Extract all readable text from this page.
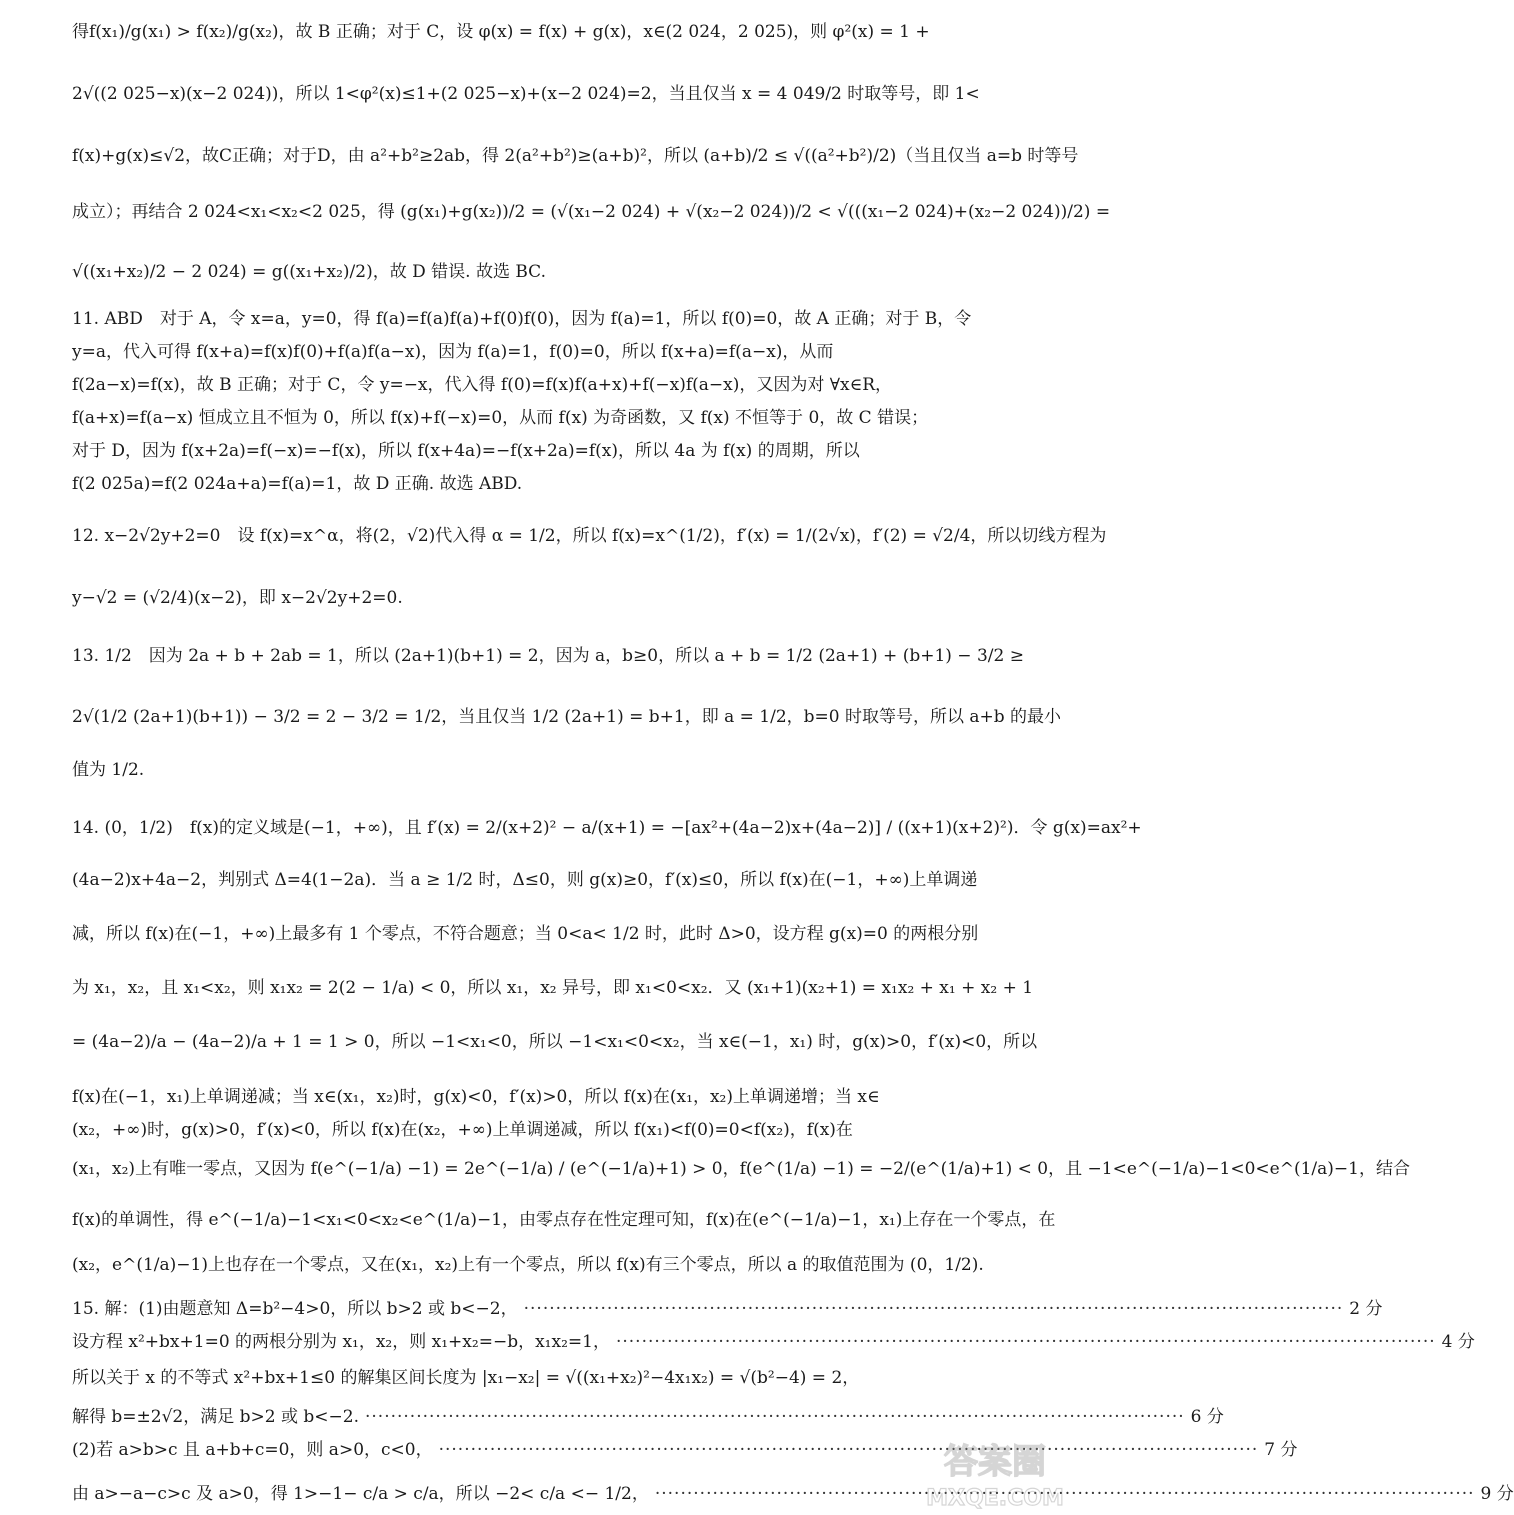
得f(x₁)/g(x₁) > f(x₂)/g(x₂)，故 B 正确；对于 C，设 φ(x) = f(x) + g(x)，x∈(2 024，2 025)，则 φ²(x) = 1 +
2√((2 025−x)(x−2 024))，所以 1<φ²(x)≤1+(2 025−x)+(x−2 024)=2，当且仅当 x = 4 049/2 时取等号，即 1<
f(x)+g(x)≤√2，故C正确；对于D，由 a²+b²≥2ab，得 2(a²+b²)≥(a+b)²，所以 (a+b)/2 ≤ √((a²+b²)/2)（当且仅当 a=b 时等号
成立）；再结合 2 024<x₁<x₂<2 025，得 (g(x₁)+g(x₂))/2 = (√(x₁−2 024) + √(x₂−2 024))/2 < √(((x₁−2 024)+(x₂−2 024))/2) =
√((x₁+x₂)/2 − 2 024) = g((x₁+x₂)/2)，故 D 错误. 故选 BC.
11. ABD　对于 A，令 x=a，y=0，得 f(a)=f(a)f(a)+f(0)f(0)，因为 f(a)=1，所以 f(0)=0，故 A 正确；对于 B，令
y=a，代入可得 f(x+a)=f(x)f(0)+f(a)f(a−x)，因为 f(a)=1，f(0)=0，所以 f(x+a)=f(a−x)，从而
f(2a−x)=f(x)，故 B 正确；对于 C，令 y=−x，代入得 f(0)=f(x)f(a+x)+f(−x)f(a−x)，又因为对 ∀x∈R，
f(a+x)=f(a−x) 恒成立且不恒为 0，所以 f(x)+f(−x)=0，从而 f(x) 为奇函数，又 f(x) 不恒等于 0，故 C 错误；
对于 D，因为 f(x+2a)=f(−x)=−f(x)，所以 f(x+4a)=−f(x+2a)=f(x)，所以 4a 为 f(x) 的周期，所以
f(2 025a)=f(2 024a+a)=f(a)=1，故 D 正确. 故选 ABD.
12. x−2√2y+2=0　设 f(x)=x^α，将(2，√2)代入得 α = 1/2，所以 f(x)=x^(1/2)，f′(x) = 1/(2√x)，f′(2) = √2/4，所以切线方程为
y−√2 = (√2/4)(x−2)，即 x−2√2y+2=0.
13. 1/2　因为 2a + b + 2ab = 1，所以 (2a+1)(b+1) = 2，因为 a，b≥0，所以 a + b = 1/2 (2a+1) + (b+1) − 3/2 ≥
2√(1/2 (2a+1)(b+1)) − 3/2 = 2 − 3/2 = 1/2，当且仅当 1/2 (2a+1) = b+1，即 a = 1/2，b=0 时取等号，所以 a+b 的最小
值为 1/2.
14. (0，1/2)　f(x)的定义域是(−1，+∞)，且 f′(x) = 2/(x+2)² − a/(x+1) = −[ax²+(4a−2)x+(4a−2)] / ((x+1)(x+2)²)．令 g(x)=ax²+
(4a−2)x+4a−2，判别式 Δ=4(1−2a)．当 a ≥ 1/2 时，Δ≤0，则 g(x)≥0，f′(x)≤0，所以 f(x)在(−1，+∞)上单调递
减，所以 f(x)在(−1，+∞)上最多有 1 个零点，不符合题意；当 0<a< 1/2 时，此时 Δ>0，设方程 g(x)=0 的两根分别
为 x₁，x₂，且 x₁<x₂，则 x₁x₂ = 2(2 − 1/a) < 0，所以 x₁，x₂ 异号，即 x₁<0<x₂．又 (x₁+1)(x₂+1) = x₁x₂ + x₁ + x₂ + 1
= (4a−2)/a − (4a−2)/a + 1 = 1 > 0，所以 −1<x₁<0，所以 −1<x₁<0<x₂，当 x∈(−1，x₁) 时，g(x)>0，f′(x)<0，所以
f(x)在(−1，x₁)上单调递减；当 x∈(x₁，x₂)时，g(x)<0，f′(x)>0，所以 f(x)在(x₁，x₂)上单调递增；当 x∈
(x₂，+∞)时，g(x)>0，f′(x)<0，所以 f(x)在(x₂，+∞)上单调递减，所以 f(x₁)<f(0)=0<f(x₂)，f(x)在
(x₁，x₂)上有唯一零点，又因为 f(e^(−1/a) −1) = 2e^(−1/a) / (e^(−1/a)+1) > 0，f(e^(1/a) −1) = −2/(e^(1/a)+1) < 0，且 −1<e^(−1/a)−1<0<e^(1/a)−1，结合
f(x)的单调性，得 e^(−1/a)−1<x₁<0<x₂<e^(1/a)−1，由零点存在性定理可知，f(x)在(e^(−1/a)−1，x₁)上存在一个零点，在
(x₂，e^(1/a)−1)上也存在一个零点，又在(x₁，x₂)上有一个零点，所以 f(x)有三个零点，所以 a 的取值范围为 (0，1/2).
15. 解：(1)由题意知 Δ=b²−4>0，所以 b>2 或 b<−2， ·····	2 分
设方程 x²+bx+1=0 的两根分别为 x₁，x₂，则 x₁+x₂=−b，x₁x₂=1， ·····	4 分
所以关于 x 的不等式 x²+bx+1≤0 的解集区间长度为 |x₁−x₂| = √((x₁+x₂)²−4x₁x₂) = √(b²−4) = 2，
解得 b=±2√2，满足 b>2 或 b<−2. ·····	6 分
(2)若 a>b>c 且 a+b+c=0，则 a>0，c<0， ·····	7 分
由 a>−a−c>c 及 a>0，得 1>−1− c/a > c/a，所以 −2< c/a <− 1/2， ·····	9 分
答案圈
MXQE.COM
